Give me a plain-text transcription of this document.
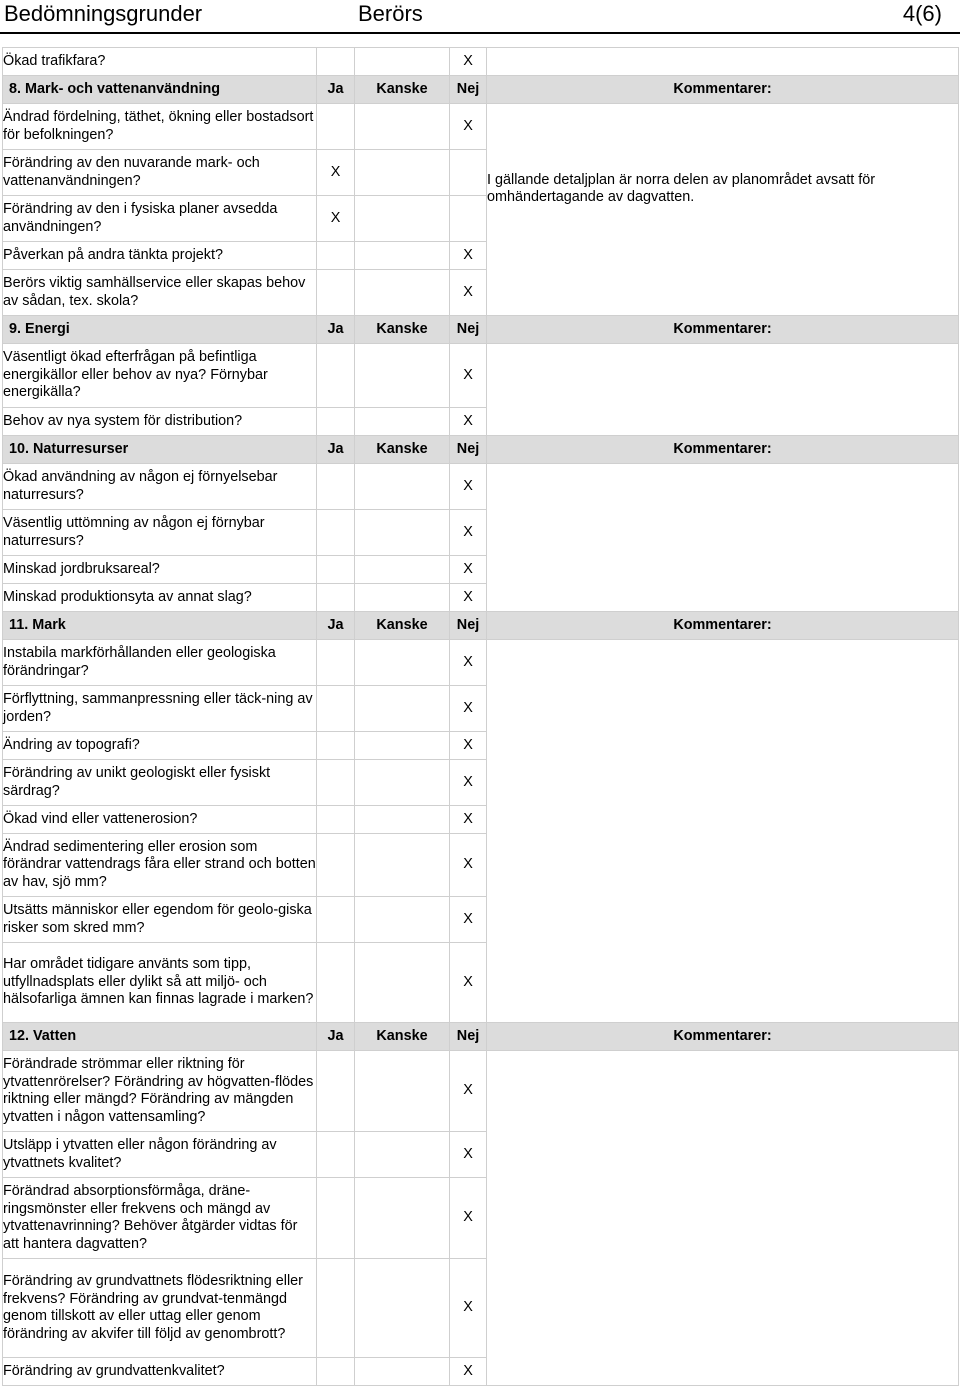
Bedömningsgrunder	Berörs	4(6)
Ökad trafikfara?			X	
8. Mark- och vattenanvändning	Ja	Kanske	Nej	Kommentarer:
Ändrad fördelning, täthet, ökning eller bostadsort för befolkningen?			X	I gällande detaljplan är norra delen av planområdet avsatt för omhändertagande av dagvatten.

Förändring av den nuvarande mark- och vattenanvändningen?	X			
Förändring av den i fysiska planer avsedda användningen?	X			
Påverkan på andra tänkta projekt?			X	
Berörs viktig samhällservice eller skapas behov av sådan, tex. skola?			X	
9. Energi	Ja	Kanske	Nej	Kommentarer:
Väsentligt ökad efterfrågan på befintliga energikällor eller behov av nya? Förnybar energikälla?			X	
Behov av nya system för distribution?			X	
10. Naturresurser	Ja	Kanske	Nej	Kommentarer:
Ökad användning av någon ej förnyelsebar naturresurs?			X	
Väsentlig uttömning av någon ej förnybar naturresurs?			X	
Minskad jordbruksareal?			X	
Minskad produktionsyta av annat slag?			X	
11. Mark	Ja	Kanske	Nej	Kommentarer:
Instabila markförhållanden eller geologiska förändringar?			X	
Förflyttning, sammanpressning eller täck-ning av jorden?			X	
Ändring av topografi?			X	
Förändring av unikt geologiskt eller fysiskt särdrag?			X	
Ökad vind eller vattenerosion?			X	
Ändrad sedimentering eller erosion som förändrar vattendrags fåra eller strand och botten av hav, sjö mm?			X	
Utsätts människor eller egendom för geolo-giska risker som skred mm?			X	
Har området tidigare använts som tipp, utfyllnadsplats eller dylikt så att miljö- och hälsofarliga ämnen kan finnas lagrade i marken?			X	
12. Vatten	Ja	Kanske	Nej	Kommentarer:
Förändrade strömmar eller riktning för ytvattenrörelser? Förändring av högvatten-flödes riktning eller mängd? Förändring av mängden ytvatten i någon vattensamling?			X	
Utsläpp i ytvatten eller någon förändring av ytvattnets kvalitet?			X	
Förändrad absorptionsförmåga, dräne-ringsmönster eller frekvens och mängd av ytvattenavrinning? Behöver åtgärder vidtas för att hantera dagvatten?			X	
Förändring av grundvattnets flödesriktning eller frekvens? Förändring av grundvat-tenmängd genom tillskott av eller uttag eller genom förändring av akvifer till följd av genombrott?			X	
Förändring av grundvattenkvalitet?			X	
